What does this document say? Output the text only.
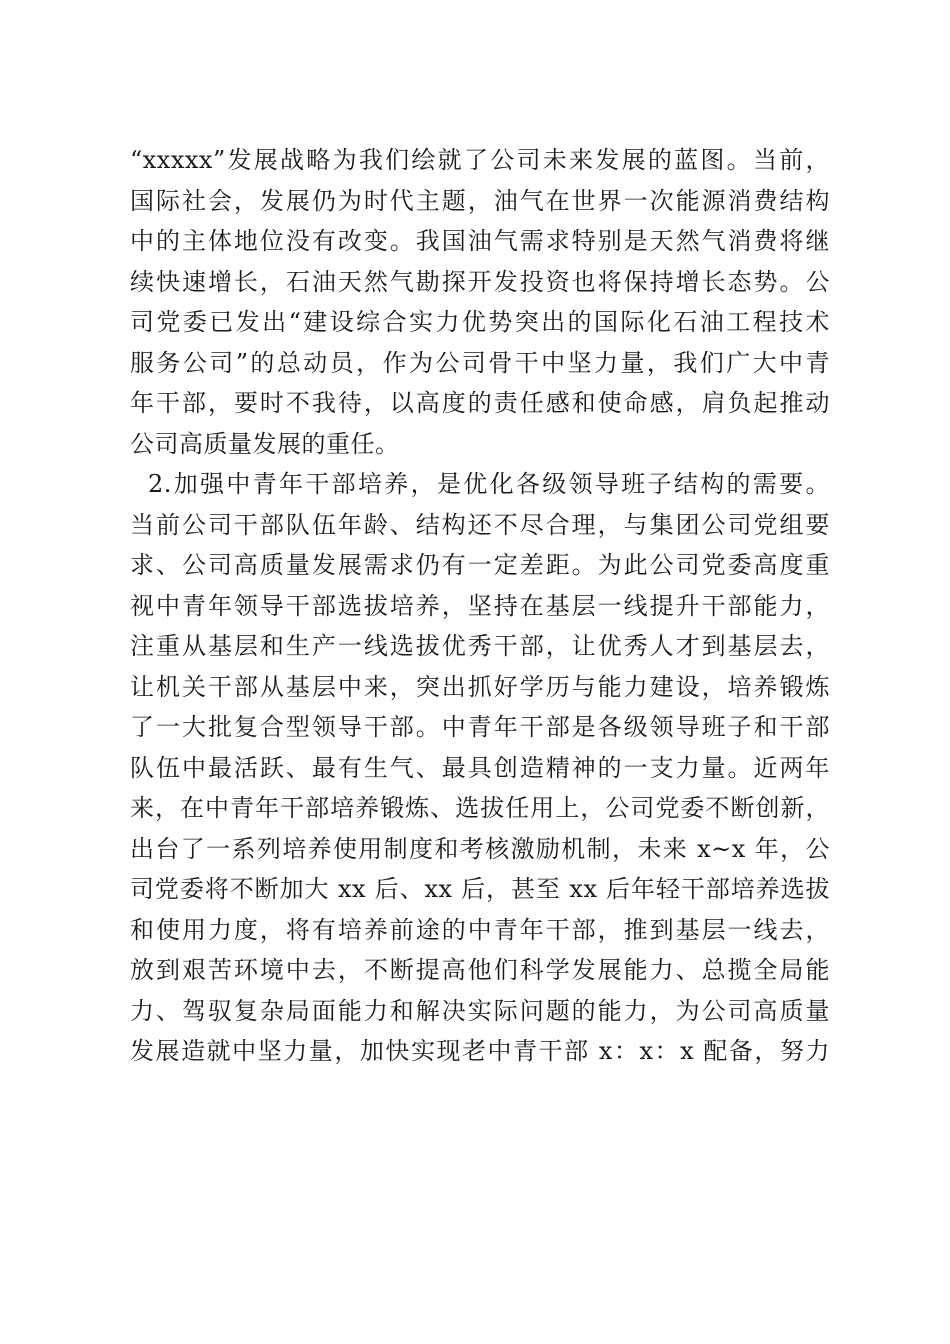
“xxxxx”发展战略为我们绘就了公司未来发展的蓝图。当前，
国际社会，发展仍为时代主题，油气在世界一次能源消费结构
中的主体地位没有改变。我国油气需求特别是天然气消费将继
续快速增长，石油天然气勘探开发投资也将保持增长态势。公
司党委已发出“建设综合实力优势突出的国际化石油工程技术
服务公司”的总动员，作为公司骨干中坚力量，我们广大中青
年干部，要时不我待，以高度的责任感和使命感，肩负起推动
公司高质量发展的重任。
2.加强中青年干部培养，是优化各级领导班子结构的需要。
当前公司干部队伍年龄、结构还不尽合理，与集团公司党组要
求、公司高质量发展需求仍有一定差距。为此公司党委高度重
视中青年领导干部选拔培养，坚持在基层一线提升干部能力，
注重从基层和生产一线选拔优秀干部，让优秀人才到基层去，
让机关干部从基层中来，突出抓好学历与能力建设，培养锻炼
了一大批复合型领导干部。中青年干部是各级领导班子和干部
队伍中最活跃、最有生气、最具创造精神的一支力量。近两年
来，在中青年干部培养锻炼、选拔任用上，公司党委不断创新，
出台了一系列培养使用制度和考核激励机制，未来 x~x 年，公
司党委将不断加大 xx 后、xx 后，甚至 xx 后年轻干部培养选拔
和使用力度，将有培养前途的中青年干部，推到基层一线去，
放到艰苦环境中去，不断提高他们科学发展能力、总揽全局能
力、驾驭复杂局面能力和解决实际问题的能力，为公司高质量
发展造就中坚力量，加快实现老中青干部 x：x：x 配备，努力
